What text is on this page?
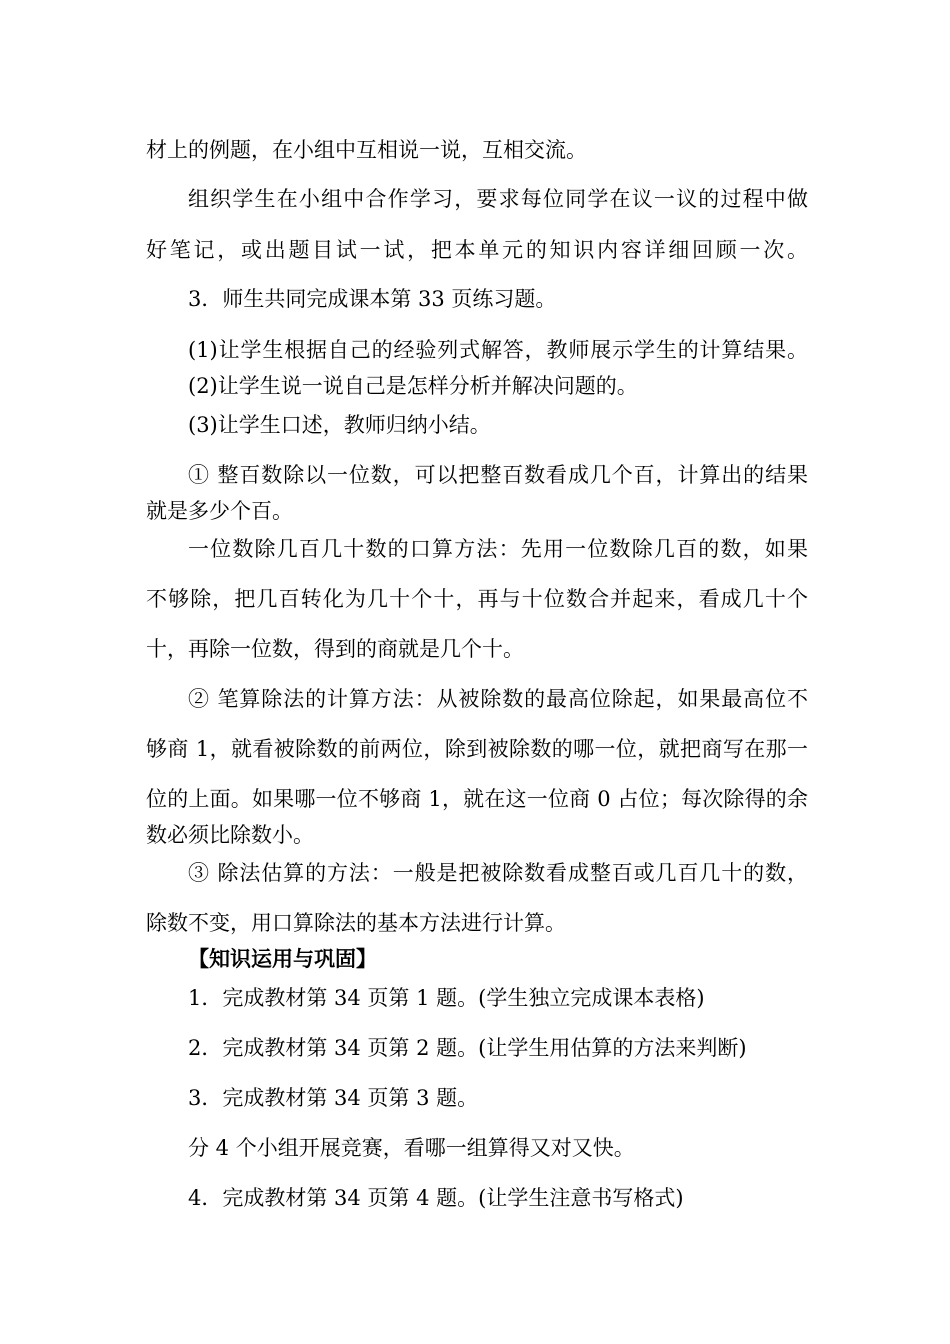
材上的例题，在小组中互相说一说，互相交流。
组织学生在小组中合作学习，要求每位同学在议一议的过程中做
好笔记，或出题目试一试，把本单元的知识内容详细回顾一次。
3．师生共同完成课本第 33 页练习题。
(1)让学生根据自己的经验列式解答，教师展示学生的计算结果。
(2)让学生说一说自己是怎样分析并解决问题的。
(3)让学生口述，教师归纳小结。
① 整百数除以一位数，可以把整百数看成几个百，计算出的结果
就是多少个百。
一位数除几百几十数的口算方法：先用一位数除几百的数，如果
不够除，把几百转化为几十个十，再与十位数合并起来，看成几十个
十，再除一位数，得到的商就是几个十。
② 笔算除法的计算方法：从被除数的最高位除起，如果最高位不
够商 1，就看被除数的前两位，除到被除数的哪一位，就把商写在那一
位的上面。如果哪一位不够商 1，就在这一位商 0 占位；每次除得的余
数必须比除数小。
③ 除法估算的方法：一般是把被除数看成整百或几百几十的数，
除数不变，用口算除法的基本方法进行计算。
【知识运用与巩固】
1．完成教材第 34 页第 1 题。(学生独立完成课本表格)
2．完成教材第 34 页第 2 题。(让学生用估算的方法来判断)
3．完成教材第 34 页第 3 题。
分 4 个小组开展竞赛，看哪一组算得又对又快。
4．完成教材第 34 页第 4 题。(让学生注意书写格式)
